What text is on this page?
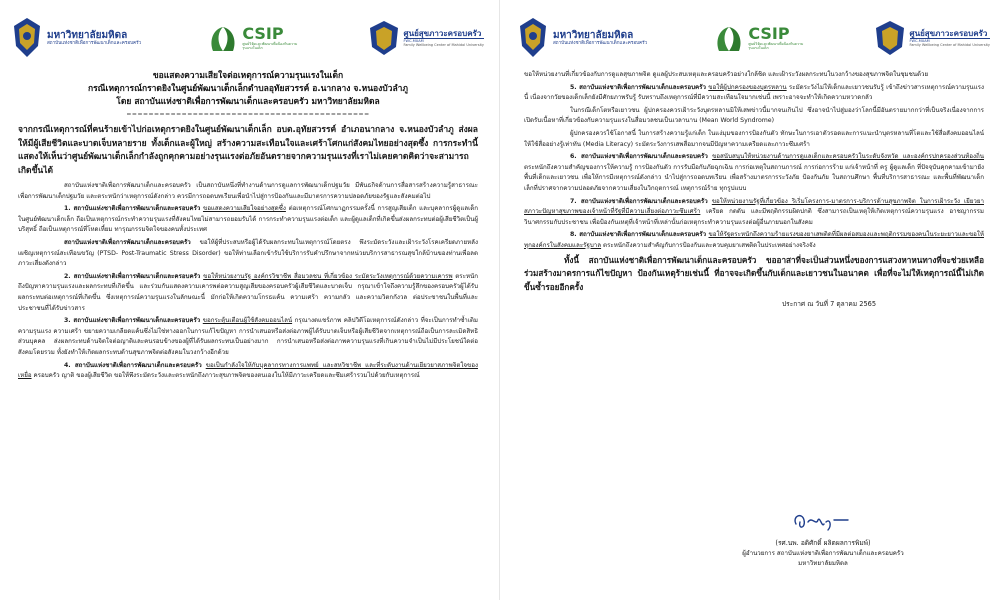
มหาวิทยาลัยมหิดล
สถาบันแห่งชาติเพื่อการพัฒนาเด็กและครอบครัว
CSIP
ศูนย์วิจัยและพัฒนาเพื่อป้องกันความรุนแรงในเด็ก
ศูนย์สุขภาวะครอบครัว
FWC-MUAM
Family Wellbeing Center of Mahidol University
ขอแสดงความเสียใจต่อเหตุการณ์ความรุนแรงในเด็ก
กรณีเหตุการณ์กราดยิงในศูนย์พัฒนาเด็กเล็กตำบลอุทัยสวรรค์ อ.นากลาง จ.หนองบัวลำภู
โดย สถาบันแห่งชาติเพื่อการพัฒนาเด็กและครอบครัว มหาวิทยาลัยมหิดล
============================================
จากกรณีเหตุการณ์ที่คนร้ายเข้าไปก่อเหตุกราดยิงในศูนย์พัฒนาเด็กเล็ก อบต.อุทัยสวรรค์ อำเภอนากลาง จ.หนองบัวลำภู ส่งผลให้มีผู้เสียชีวิตและบาดเจ็บหลายราย ทั้งเด็กและผู้ใหญ่ สร้างความสะเทือนใจและเศร้าโศกแก่สังคมไทยอย่างสุดซึ้ง การกระทำนี้แสดงให้เห็นว่าศูนย์พัฒนาเด็กเล็กกำลังถูกคุกคามอย่างรุนแรงต่อภัยอันตรายจากความรุนแรงที่เราไม่เคยคาดคิดว่าจะสามารถเกิดขึ้นได้

สถาบันแห่งชาติเพื่อการพัฒนาเด็กและครอบครัว เป็นสถาบันหนึ่งที่ทำงานด้านการดูแลการพัฒนาเด็กปฐมวัย มีพันธกิจด้านการสื่อสารสร้างความรู้สาธารณะ เพื่อการพัฒนาเด็กปฐมวัย และตระหนักว่าเหตุการณ์ดังกล่าว ควรมีการถอดบทเรียนเพื่อนำไปสู่การป้องกันและมีมาตรการความปลอดภัยของรัฐและสังคมต่อไป

1. สถาบันแห่งชาติเพื่อการพัฒนาเด็กและครอบครัว ขอแสดงความเสียใจอย่างสุดซึ้ง ต่อเหตุการณ์โศกนาฏกรรมครั้งนี้ การสูญเสียเด็ก และบุคลากรผู้ดูแลเด็กในศูนย์พัฒนาเด็กเล็ก ถือเป็นเหตุการณ์กระทำความรุนแรงที่สังคมไทยไม่สามารถยอมรับได้ การกระทำความรุนแรงต่อเด็ก และผู้ดูแลเด็กที่เกิดขึ้นส่งผลกระทบต่อผู้เสียชีวิตเป็นผู้บริสุทธิ์ ถือเป็นเหตุการณ์ที่โหดเหี้ยม ทารุณกรรมจิตใจของคนทั้งประเทศ

สถาบันแห่งชาติเพื่อการพัฒนาเด็กและครอบครัว ขอให้ผู้ที่ประสบหรือผู้ได้รับผลกระทบในเหตุการณ์โดยตรง พึงระมัดระวังและเฝ้าระวังโรคเครียดภายหลังเผชิญเหตุการณ์สะเทือนขวัญ (PTSD- Post-Traumatic Stress Disorder) ขอให้ท่านเลือกเข้ารับใช้บริการรับคำปรึกษาจากหน่วยบริการสาธารณสุขใกล้บ้านของท่านเพื่อลดภาวะเสี่ยงดังกล่าว

2. สถาบันแห่งชาติเพื่อการพัฒนาเด็กและครอบครัว ขอให้หน่วยงานรัฐ องค์กรวิชาชีพ สื่อมวลชน ที่เกี่ยวข้อง ระมัดระวังเหตุการณ์ด้วยความเคารพ ตระหนักถึงปัญหาความรุนแรงและผลกระทบที่เกิดขึ้น และร่วมกันแสดงความเคารพต่อความสูญเสียของครอบครัวผู้เสียชีวิตและบาดเจ็บ กรุณาเข้าใจถึงความรู้สึกของครอบครัวผู้ได้รับผลกระทบต่อเหตุการณ์ที่เกิดขึ้น ซึ่งเหตุการณ์ความรุนแรงในลักษณะนี้ มักก่อให้เกิดความโกรธแค้น ความเศร้า ความกลัว และความวิตกกังวล ต่อประชาชนในพื้นที่และประชาชนที่ได้รับข่าวสาร

3. สถาบันแห่งชาติเพื่อการพัฒนาเด็กและครอบครัว ขอกระตุ้นเตือนผู้ใช้สังคมออนไลน์ กรุณางดแชร์ภาพ คลิปวิดีโอเหตุการณ์ดังกล่าว ที่จะเป็นการทำซ้ำเติมความรุนแรง ความเศร้า ขยายความเกลียดแค้นซึ่งไม่ใช่ทางออกในการแก้ไขปัญหา การนำเสนอหรือส่งต่อภาพผู้ได้รับบาดเจ็บหรือผู้เสียชีวิตจากเหตุการณ์ถือเป็นการละเมิดสิทธิส่วนบุคคล ส่งผลกระทบด้านจิตใจต่อญาติและคนรอบข้างของผู้ที่ได้รับผลกระทบเป็นอย่างมาก การนำเสนอหรือส่งต่อภาพความรุนแรงที่เกินความจำเป็นไม่มีประโยชน์ใดต่อสังคมโดยรวม ทั้งยังทำให้เกิดผลกระทบด้านสุขภาพจิตต่อสังคมในวงกว้างอีกด้วย

4. สถาบันแห่งชาติเพื่อการพัฒนาเด็กและครอบครัว ขอเป็นกำลังใจให้กับบุคลากรทางการแพทย์ และสหวิชาชีพ และที่ระดับงานด้านเยียวยาสภาพจิตใจของเหยื่อ ครอบครัว ญาติ ของผู้เสียชีวิต ขอให้พึงระมัดระวังและตระหนักถึงภาวะสุขภาพจิตของตนเองในให้มีภาวะเครียดและซึมเศร้ารวมไปด้วยกับเหตุการณ์

มหาวิทยาลัยมหิดล
สถาบันแห่งชาติเพื่อการพัฒนาเด็กและครอบครัว
CSIP
ศูนย์วิจัยและพัฒนาเพื่อป้องกันความรุนแรงในเด็ก
ศูนย์สุขภาวะครอบครัว
FWC-MUAM
Family Wellbeing Center of Mahidol University

ขอให้หน่วยงานที่เกี่ยวข้องกับการดูแลสุขภาพจิต ดูแลผู้ประสบเหตุและครอบครัวอย่างใกล้ชิด และเฝ้าระวังผลกระทบในวงกว้างของสุขภาพจิตในชุมชนด้วย

5. สถาบันแห่งชาติเพื่อการพัฒนาเด็กและครอบครัว ขอให้ผู้ปกครองของบุตรหลาน ระมัดระวังไม่ให้เด็กและเยาวชนรับรู้ เข้าถึงข่าวสารเหตุการณ์ความรุนแรงนี้ เนื่องจากวัยของเด็กเล็กยังมีศักยภาพรับรู้ รับทราบถึงเหตุการณ์ที่มีความสะเทือนใจมากเช่นนี้ เพราะอาจจะทำให้เกิดความหวาดกลัว

ในกรณีเด็กโตหรือเยาวชน ผู้ปกครองควรเฝ้าระวังบุตรหลานมิให้เสพข่าวนี้มากจนเกินไป ซึ่งอาจนำไปสู่มองว่าโลกนี้มีอันตรายมากกว่าที่เป็นจริงเนื่องจากการเปิดรับเนื้อหาที่เกี่ยวข้องกับความรุนแรงในสื่อมวลชนเป็นเวลานาน (Mean World Syndrome)

ผู้ปกครองควรใช้โอกาสนี้ ในการสร้างความรู้แก่เด็ก ในแง่มุมของการป้องกันตัว ทักษะในการเอาตัวรอดและการแนะนำบุตรหลานที่โตและใช้สื่อสังคมออนไลน์ ให้ใช้สื่ออย่างรู้เท่าทัน (Media Literacy) ระมัดระวังการเสพสื่อมากจนมีปัญหาความเครียดและภาวะซึมเศร้า

6. สถาบันแห่งชาติเพื่อการพัฒนาเด็กและครอบครัว ขอสนับสนุนให้หน่วยงานด้านการดูแลเด็กและครอบครัวในระดับจังหวัด และองค์กรปกครองส่วนท้องถิ่น ตระหนักถึงความสำคัญของการให้ความรู้ การป้องกันตัว การรับมือกับภัยฉุกเฉิน การก่อเหตุในสถานการณ์ การก่อการร้าย แก่เจ้าหน้าที่ ครู ผู้ดูแลเด็ก ที่ปัจจุบันคุกคามเข้ามายังพื้นที่เด็กและเยาวชน เพื่อให้การมีเหตุการณ์ดังกล่าว นำไปสู่การถอดบทเรียน เพื่อสร้างมาตรการระวังภัย ป้องกันภัย ในสถานศึกษา พื้นที่บริการสาธารณะ และพื้นที่พัฒนาเด็กเล็กที่ปราศจากความปลอดภัยจากความเสี่ยงในวิกฤตการณ์ เหตุการณ์ร้าย ทุกรูปแบบ

7. สถาบันแห่งชาติเพื่อการพัฒนาเด็กและครอบครัว ขอให้หน่วยงานรัฐที่เกี่ยวข้อง ริเริ่มโครงการ-มาตรการ-บริการด้านสุขภาพจิต ในการเฝ้าระวัง เยียวยาสภาวะปัญหาสุขภาพของเจ้าหน้าที่รัฐที่มีความเสี่ยงต่อภาวะซึมเศร้า เครียด กดดัน และมีพฤติกรรมผิดปกติ ซึ่งสามารถเป็นเหตุให้เกิดเหตุการณ์ความรุนแรง อาชญากรรม วินาศกรรมกับประชาชน เพื่อป้องกันเหตุที่เจ้าหน้าที่เหล่านั้นก่อเหตุกระทำความรุนแรงต่อผู้อื่นภายนอกในสังคม

8. สถาบันแห่งชาติเพื่อการพัฒนาเด็กและครอบครัว ขอให้รัฐตระหนักถึงความร้ายแรงของยาเสพติดที่มีผลต่อสมองและพฤติกรรมของคนในระยะยาวและขอให้ทุกองค์กรในสังคมและรัฐบาล ตระหนักถึงความสำคัญกับการป้องกันและควบคุมยาเสพติดในประเทศอย่างจริงจัง

ทั้งนี้ สถาบันแห่งชาติเพื่อการพัฒนาเด็กและครอบครัว ขออาสาที่จะเป็นส่วนหนึ่งของการแสวงหาหนทางที่จะช่วยเหลือ ร่วมสร้างมาตรการแก้ไขปัญหา ป้องกันเหตุร้ายเช่นนี้ ที่อาจจะเกิดขึ้นกับเด็กและเยาวชนในอนาคต เพื่อที่จะไม่ให้เหตุการณ์นี้ไม่เกิดขึ้นซ้ำรอยอีกครั้ง
ประกาศ ณ วันที่ 7 ตุลาคม 2565
(รศ.นพ. อดิศักดิ์ ผลิตผลการพิมพ์)
ผู้อำนวยการ สถาบันแห่งชาติเพื่อการพัฒนาเด็กและครอบครัว
มหาวิทยาลัยมหิดล
